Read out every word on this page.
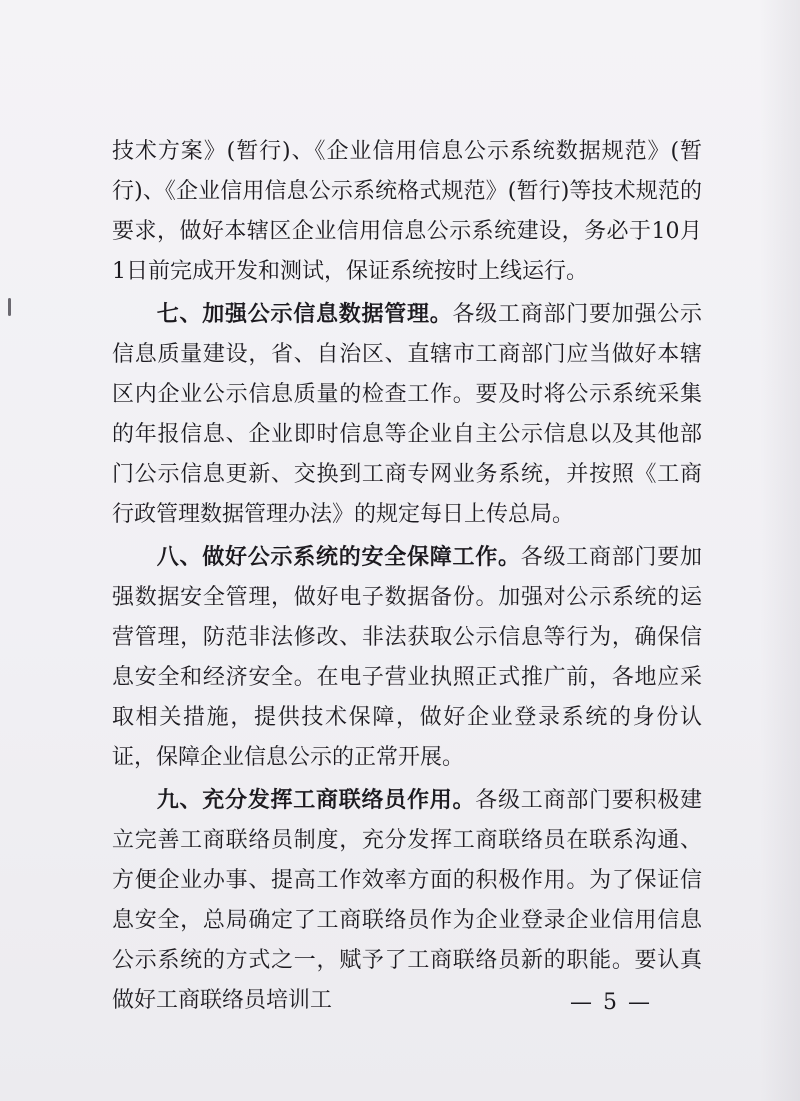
技术方案》(暂行)、《企业信用信息公示系统数据规范》(暂行)、《企业信用信息公示系统格式规范》(暂行)等技术规范的要求，做好本辖区企业信用信息公示系统建设，务必于10月1日前完成开发和测试，保证系统按时上线运行。

七、加强公示信息数据管理。各级工商部门要加强公示信息质量建设，省、自治区、直辖市工商部门应当做好本辖区内企业公示信息质量的检查工作。要及时将公示系统采集的年报信息、企业即时信息等企业自主公示信息以及其他部门公示信息更新、交换到工商专网业务系统，并按照《工商行政管理数据管理办法》的规定每日上传总局。

八、做好公示系统的安全保障工作。各级工商部门要加强数据安全管理，做好电子数据备份。加强对公示系统的运营管理，防范非法修改、非法获取公示信息等行为，确保信息安全和经济安全。在电子营业执照正式推广前，各地应采取相关措施，提供技术保障，做好企业登录系统的身份认证，保障企业信息公示的正常开展。

九、充分发挥工商联络员作用。各级工商部门要积极建立完善工商联络员制度，充分发挥工商联络员在联系沟通、方便企业办事、提高工作效率方面的积极作用。为了保证信息安全，总局确定了工商联络员作为企业登录企业信用信息公示系统的方式之一，赋予了工商联络员新的职能。要认真做好工商联络员培训工	— 5 —
